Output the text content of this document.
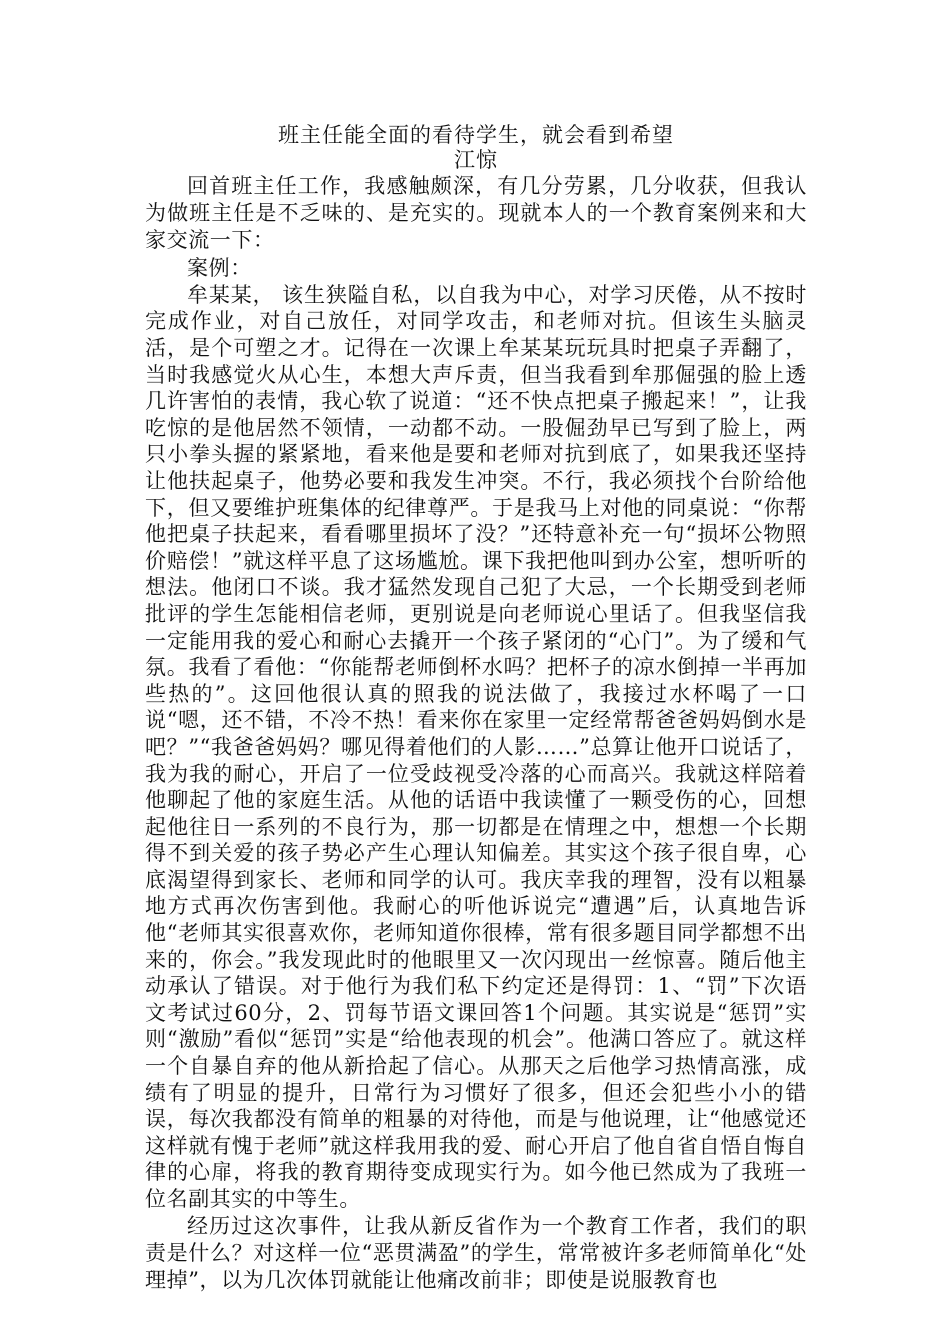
班主任能全面的看待学生，就会看到希望
江惊

回首班主任工作，我感触颇深，有几分劳累，几分收获，但我认为做班主任是不乏味的、是充实的。现就本人的一个教育案例来和大家交流一下：

案例：

牟某某， 该生狭隘自私，以自我为中心，对学习厌倦，从不按时完成作业，对自己放任，对同学攻击，和老师对抗。但该生头脑灵活，是个可塑之才。记得在一次课上牟某某玩玩具时把桌子弄翻了，当时我感觉火从心生，本想大声斥责，但当我看到牟那倔强的脸上透几许害怕的表情，我心软了说道：“还不快点把桌子搬起来！”，让我吃惊的是他居然不领情，一动都不动。一股倔劲早已写到了脸上，两只小拳头握的紧紧地，看来他是要和老师对抗到底了，如果我还坚持让他扶起桌子，他势必要和我发生冲突。不行，我必须找个台阶给他下，但又要维护班集体的纪律尊严。于是我马上对他的同桌说：“你帮他把桌子扶起来，看看哪里损坏了没？”还特意补充一句“损坏公物照价赔偿！”就这样平息了这场尴尬。课下我把他叫到办公室，想听听的想法。他闭口不谈。我才猛然发现自己犯了大忌，一个长期受到老师批评的学生怎能相信老师，更别说是向老师说心里话了。但我坚信我一定能用我的爱心和耐心去撬开一个孩子紧闭的“心门”。为了缓和气氛。我看了看他：“你能帮老师倒杯水吗？把杯子的凉水倒掉一半再加些热的”。这回他很认真的照我的说法做了，我接过水杯喝了一口说“嗯，还不错，不冷不热！看来你在家里一定经常帮爸爸妈妈倒水是吧？”“我爸爸妈妈？哪见得着他们的人影……”总算让他开口说话了，我为我的耐心，开启了一位受歧视受冷落的心而高兴。我就这样陪着他聊起了他的家庭生活。从他的话语中我读懂了一颗受伤的心，回想起他往日一系列的不良行为，那一切都是在情理之中，想想一个长期得不到关爱的孩子势必产生心理认知偏差。其实这个孩子很自卑，心底渴望得到家长、老师和同学的认可。我庆幸我的理智，没有以粗暴地方式再次伤害到他。我耐心的听他诉说完“遭遇”后，认真地告诉他“老师其实很喜欢你，老师知道你很棒，常有很多题目同学都想不出来的，你会。”我发现此时的他眼里又一次闪现出一丝惊喜。随后他主动承认了错误。对于他行为我们私下约定还是得罚：1、“罚”下次语文考试过60分，2、罚每节语文课回答1个问题。其实说是“惩罚”实则“激励”看似“惩罚”实是“给他表现的机会”。他满口答应了。就这样一个自暴自弃的他从新拾起了信心。从那天之后他学习热情高涨，成绩有了明显的提升，日常行为习惯好了很多，但还会犯些小小的错误，每次我都没有简单的粗暴的对待他，而是与他说理，让“他感觉还这样就有愧于老师”就这样我用我的爱、耐心开启了他自省自悟自悔自律的心扉，将我的教育期待变成现实行为。如今他已然成为了我班一位名副其实的中等生。

经历过这次事件，让我从新反省作为一个教育工作者，我们的职责是什么？对这样一位“恶贯满盈”的学生，常常被许多老师简单化“处理掉”，以为几次体罚就能让他痛改前非；即使是说服教育也
